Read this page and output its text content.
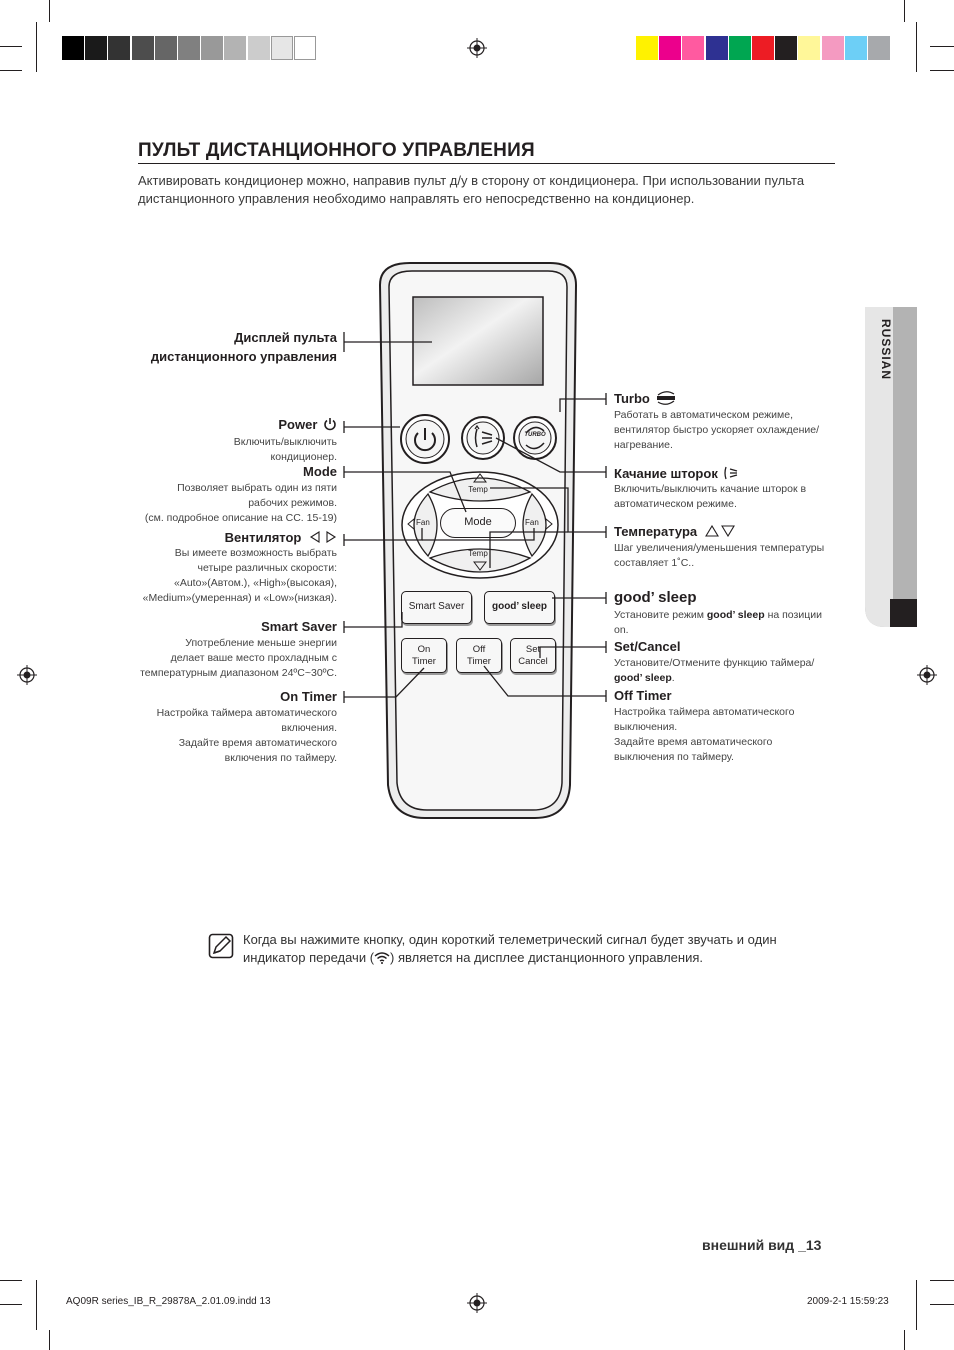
ПУЛЬТ ДИСТАНЦИОННОГО УПРАВЛЕНИЯ
Активировать кондиционер можно, направив пульт д/у в сторону от кондиционера. При использовании пульта дистанционного управления необходимо направлять его непосредственно на кондиционер.
RUSSIAN
TURBO
Temp
Temp
Fan	Fan
Mode
Smart Saver	good’ sleep
On
Timer
Off
Timer
Set
Cancel
Дисплей пульта
дистанционного управления
Power
Включить/выключить
кондиционер.
Mode
Позволяет выбрать один из пяти
рабочих режимов.
(см. подробное описание на СС. 15-19)
Вентилятор
Вы имеете возможность выбрать
четыре различных скорости:
«Auto»(Автом.), «High»(высокая),
«Medium»(умеренная) и «Low»(низкая).
Smart Saver
Употребление меньше энергии
делает ваше место прохладным с
температурным диапазоном 24ºC~30ºC.
On Timer
Настройка таймера автоматического
включения.
Задайте время автоматического
включения по таймеру.
Turbo
Работать в автоматическом режиме,
вентилятор быстро ускоряет охлаждение/
нагревание.
Качание шторок
Включить/выключить качание шторок в
автоматическом режиме.
Температура
Шаг увеличения/уменьшения температуры
составляет 1˚C..
good’ sleep
Установите режим good’ sleep на позиции
on.
Set/Cancel
Установите/Отмените функцию таймера/
good’ sleep.
Off Timer
Настройка таймера автоматического
выключения.
Задайте время автоматического
выключения по таймеру.
Когда вы нажимите кнопку, один короткий телеметрический сигнал будет звучать и один
индикатор передачи ( ) является на дисплее дистанционного управления.
внешний вид _13
AQ09R series_IB_R_29878A_2.01.09.indd 13	2009-2-1 15:59:23
